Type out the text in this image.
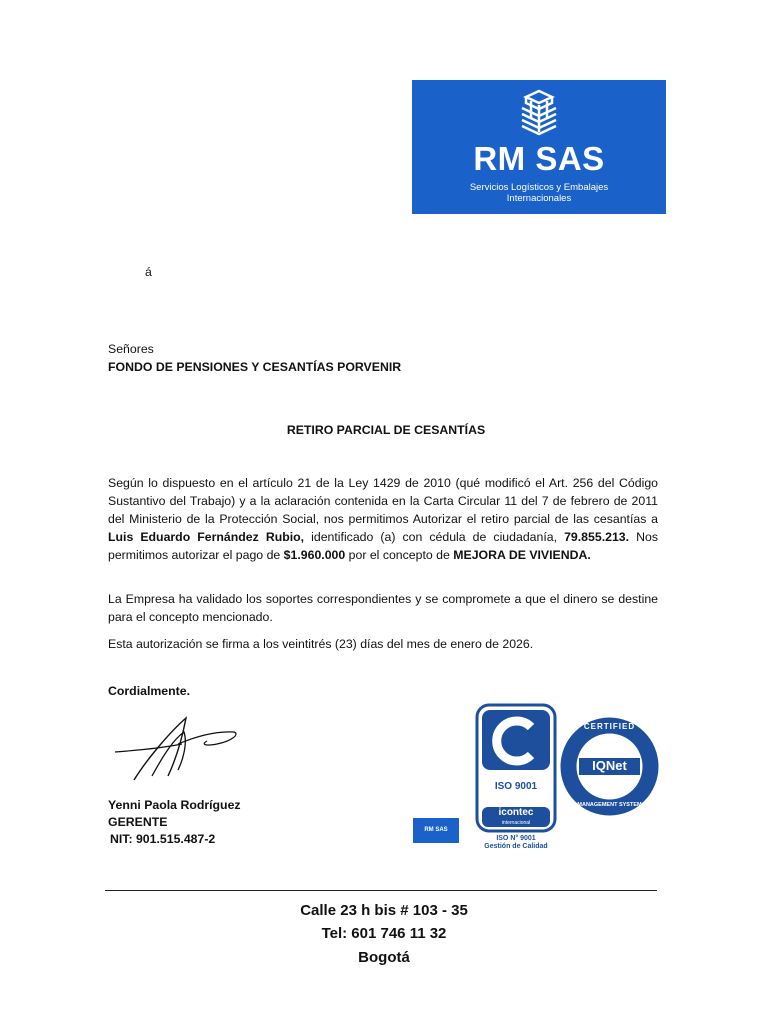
RM SAS
Servicios Logísticos y Embalajes
Internacionales
á
Señores
FONDO DE PENSIONES Y CESANTÍAS PORVENIR
RETIRO PARCIAL DE CESANTÍAS
Según lo dispuesto en el artículo 21 de la Ley 1429 de 2010 (qué modificó el Art. 256 del Código Sustantivo del Trabajo) y a la aclaración contenida en la Carta Circular 11 del 7 de febrero de 2011 del Ministerio de la Protección Social, nos permitimos Autorizar el retiro parcial de las cesantías a Luis Eduardo Fernández Rubio, identificado (a) con cédula de ciudadanía, 79.855.213. Nos permitimos autorizar el pago de $1.960.000 por el concepto de MEJORA DE VIVIENDA.
La Empresa ha validado los soportes correspondientes y se compromete a que el dinero se destine para el concepto mencionado.
Esta autorización se firma a los veintitrés (23) días del mes de enero de 2026.
Cordialmente.
Yenni Paola Rodríguez
GERENTE
NIT: 901.515.487-2
RM SAS
ISO 9001
icontec
internacional
ISO N° 9001
Gestión de Calidad
CERTIFIED
IQNet
MANAGEMENT SYSTEM
Calle 23 h bis # 103 - 35
Tel: 601 746 11 32
Bogotá
